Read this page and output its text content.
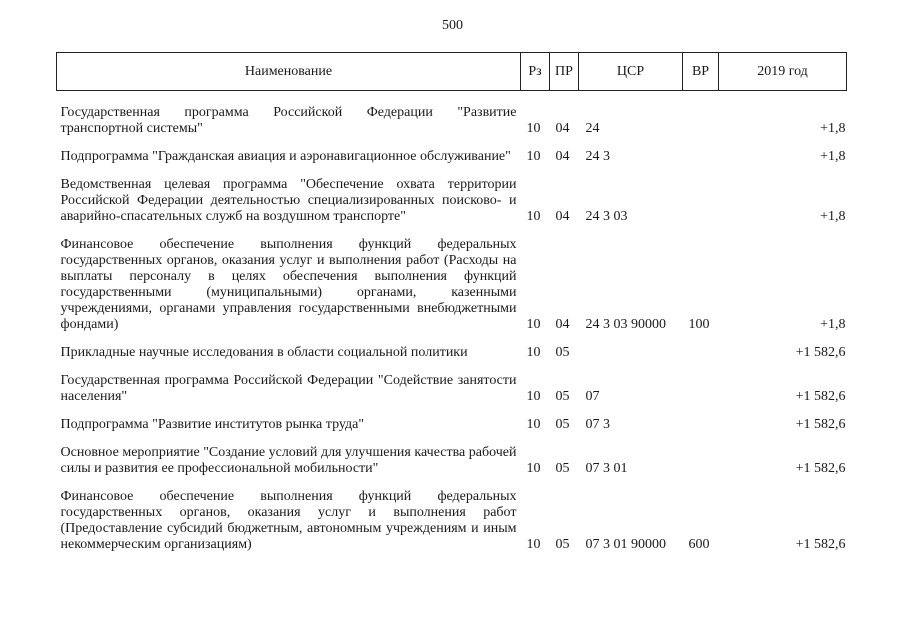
500
Наименование	Рз	ПР	ЦСР	ВР	2019 год

Государственная программа Российской Федерации "Развитие транспортной системы"	10	04	24		+1,8
Подпрограмма "Гражданская авиация и аэронавигационное обслуживание"	10	04	24 3		+1,8
Ведомственная целевая программа "Обеспечение охвата территории Российской Федерации деятельностью специализированных поисково- и аварийно-спасательных служб на воздушном транспорте"	10	04	24 3 03		+1,8
Финансовое обеспечение выполнения функций федеральных государственных органов, оказания услуг и выполнения работ (Расходы на выплаты персоналу в целях обеспечения выполнения функций государственными (муниципальными) органами, казенными учреждениями, органами управления государственными внебюджетными фондами)	10	04	24 3 03 90000	100	+1,8
Прикладные научные исследования в области социальной политики	10	05			+1 582,6
Государственная программа Российской Федерации "Содействие занятости населения"	10	05	07		+1 582,6
Подпрограмма "Развитие институтов рынка труда"	10	05	07 3		+1 582,6
Основное мероприятие "Создание условий для улучшения качества рабочей силы и развития ее профессиональной мобильности"	10	05	07 3 01		+1 582,6
Финансовое обеспечение выполнения функций федеральных государственных органов, оказания услуг и выполнения работ (Предоставление субсидий бюджетным, автономным учреждениям и иным некоммерческим организациям)	10	05	07 3 01 90000	600	+1 582,6
